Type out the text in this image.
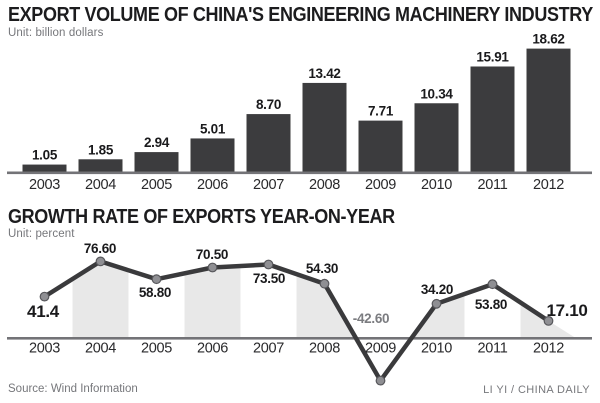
1.05 1.85 2.94
5.01
8.70
13.42
7.71
10.34
15.91
18.62
2003 2004 2005 2006 2007 2008 2009 2010 2011 2012
41.4
76.60
58.80
70.50
73.50
54.30
-42.60
34.20
53.80 17.10
2003 2004 2005 2006 2007 2008 2009 2010 2011 2012
EXPORT VOLUME OF CHINA'S ENGINEERING MACHINERY INDUSTRY
Unit: billion dollars
GROWTH RATE OF EXPORTS YEAR-ON-YEAR
Unit: percent
Source: Wind Information	LI YI / CHINA DAILY
